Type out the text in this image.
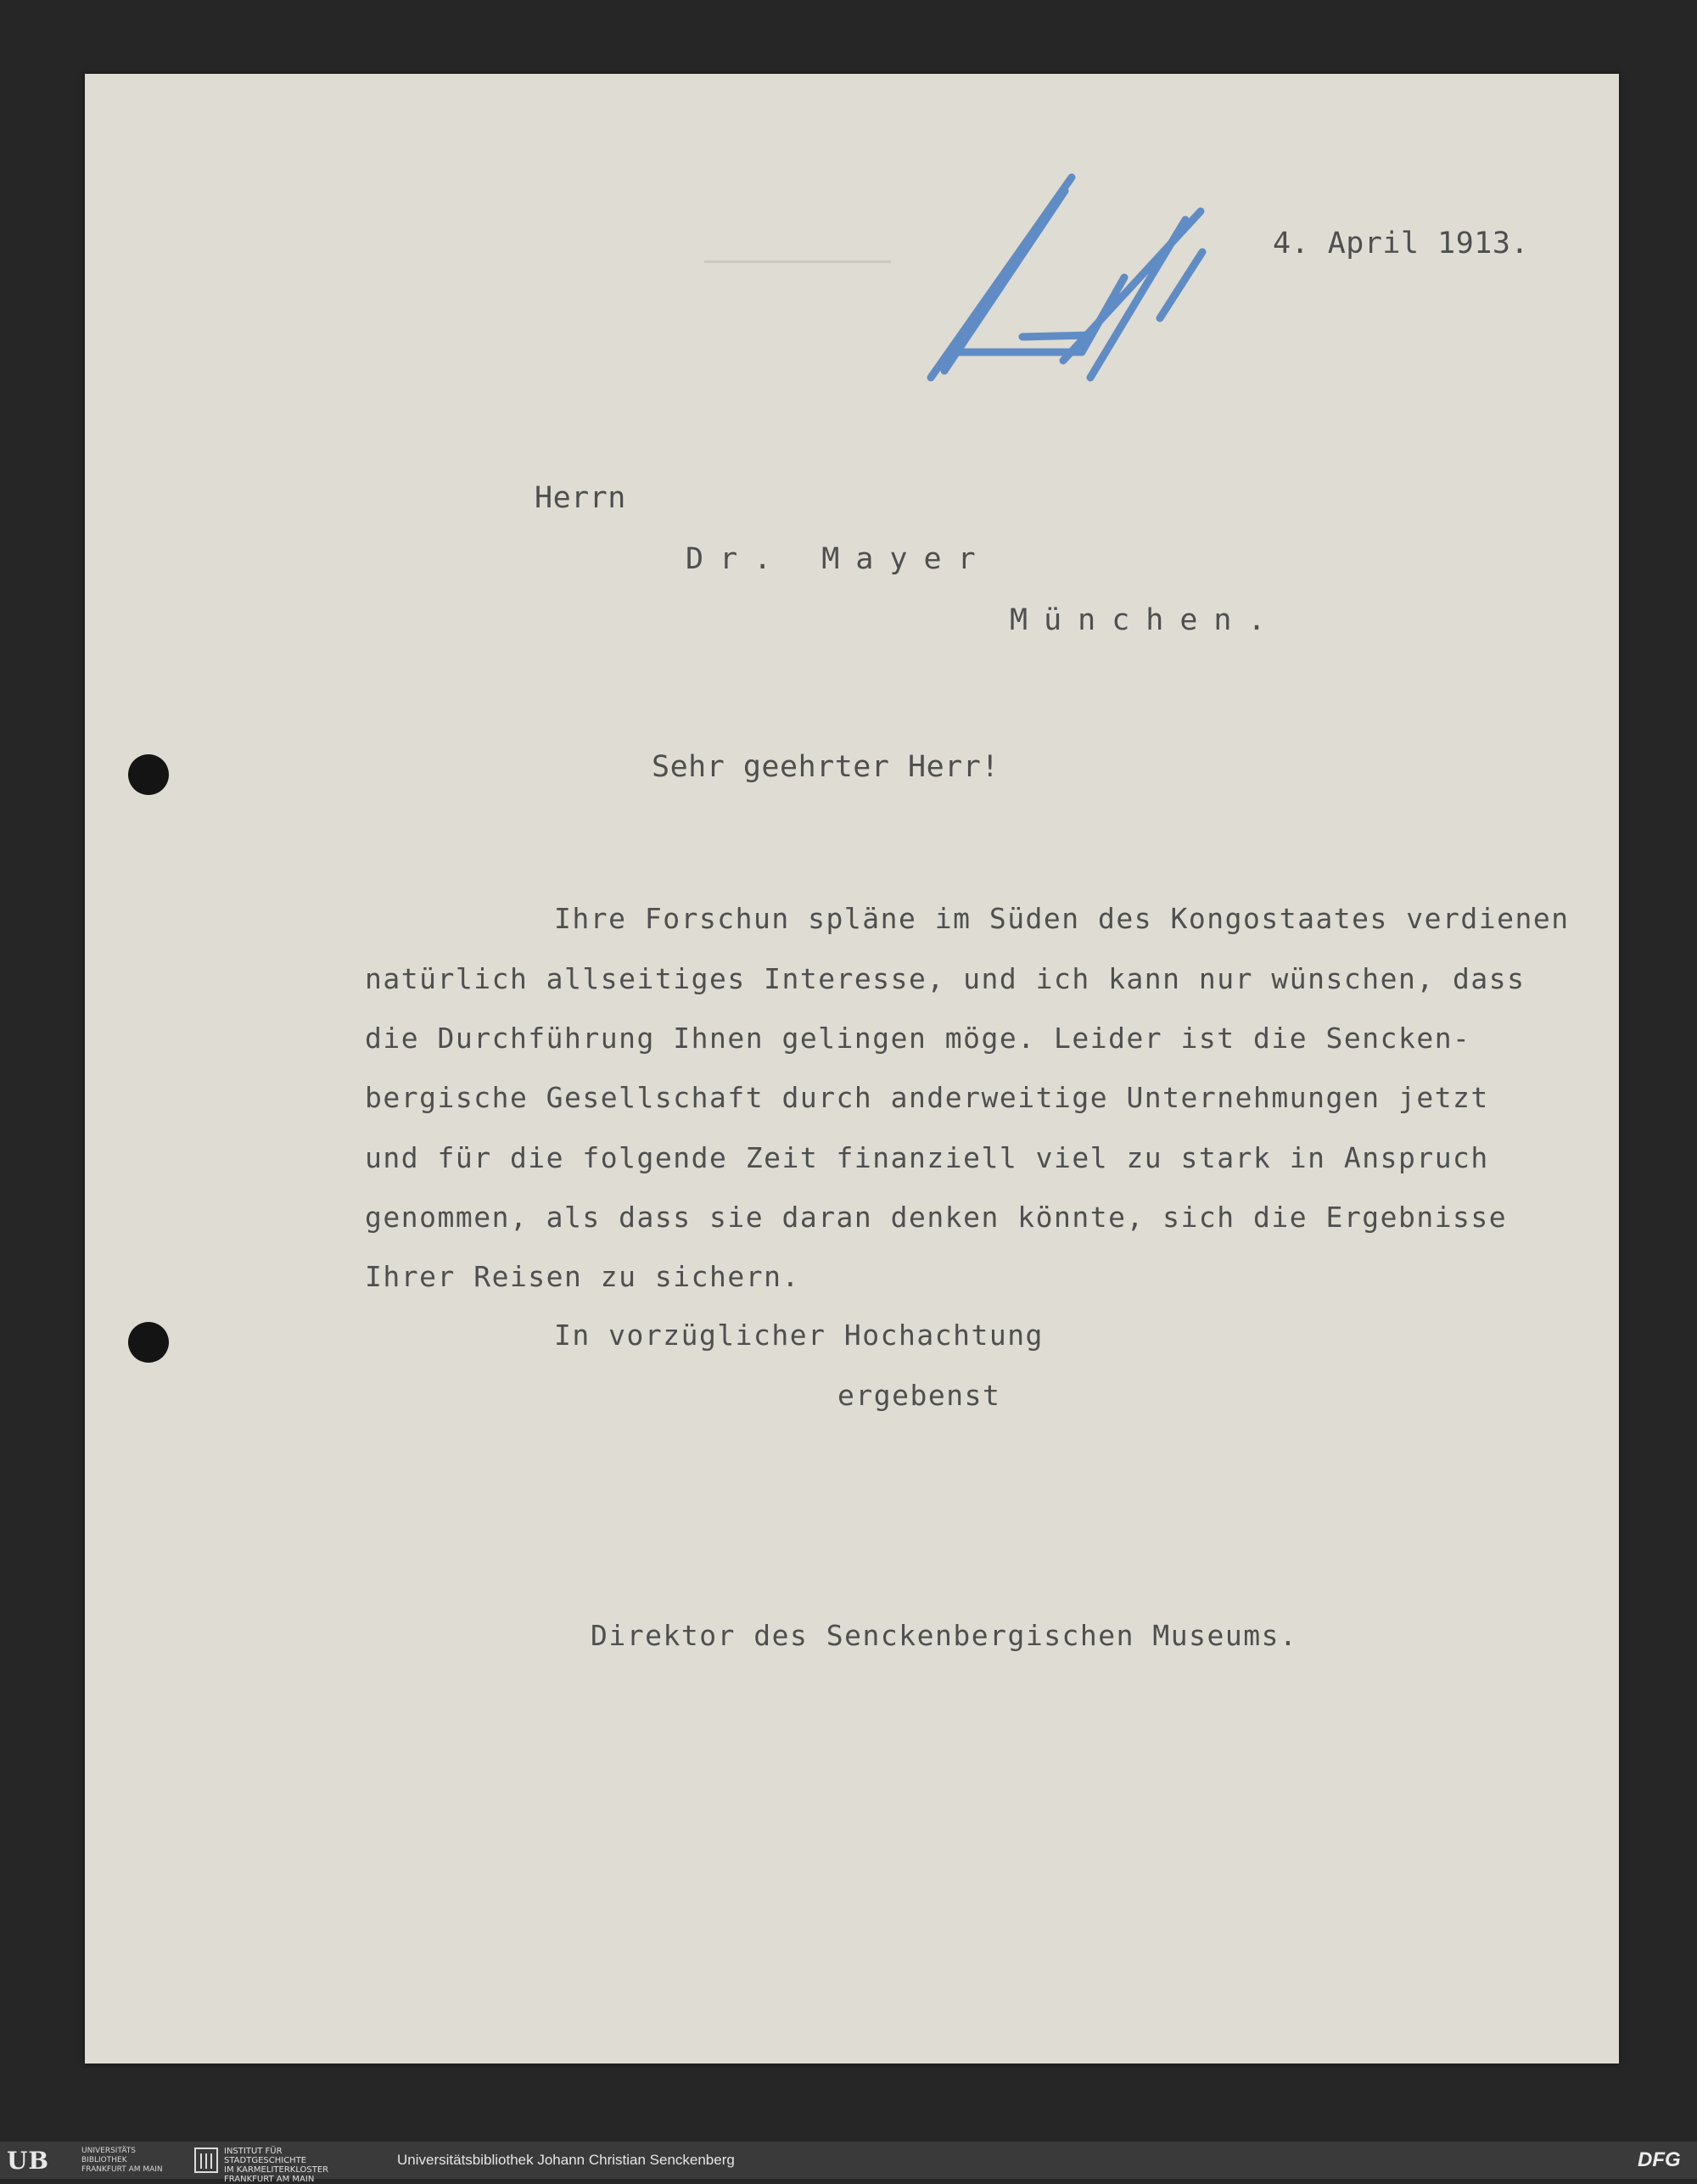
4. April 1913.
Herrn
Dr. Mayer
München.
Sehr geehrter Herr!
Ihre Forschun spläne im Süden des Kongostaates verdienen
natürlich allseitiges Interesse, und ich kann nur wünschen, dass
die Durchführung Ihnen gelingen möge. Leider ist die Sencken-
bergische Gesellschaft durch anderweitige Unternehmungen jetzt
und für die folgende Zeit finanziell viel zu stark in Anspruch
genommen, als dass sie daran denken könnte, sich die Ergebnisse
Ihrer Reisen zu sichern.
In vorzüglicher Hochachtung
ergebenst
Direktor des Senckenbergischen Museums.
UB	UNIVERSITÄTS
BIBLIOTHEK
FRANKFURT AM MAIN
INSTITUT FÜR
STADTGESCHICHTE
IM KARMELITERKLOSTER
FRANKFURT AM MAIN
Universitätsbibliothek Johann Christian Senckenberg	DFG
